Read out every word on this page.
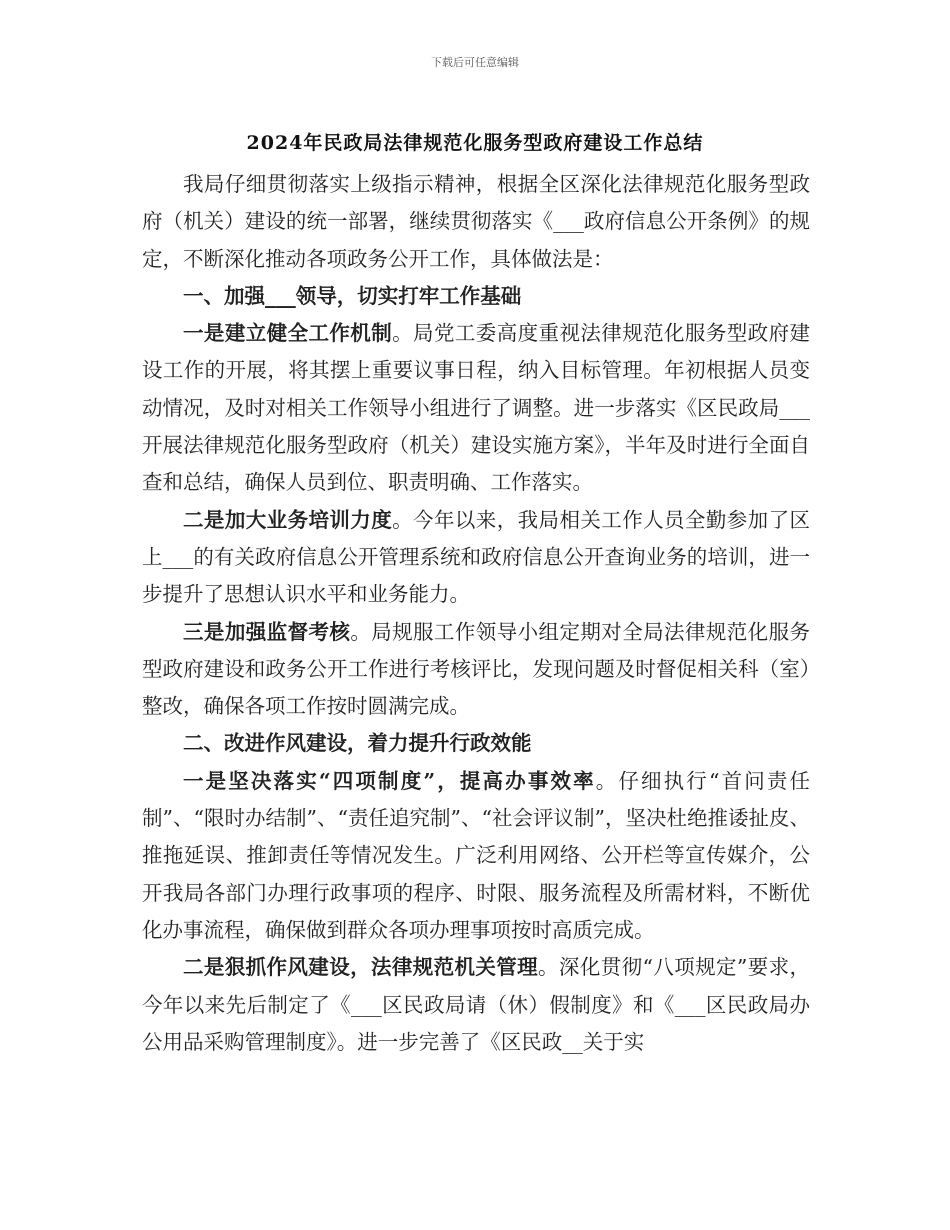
下载后可任意编辑
2024年民政局法律规范化服务型政府建设工作总结

我局仔细贯彻落实上级指示精神，根据全区深化法律规范化服务型政府（机关）建设的统一部署，继续贯彻落实《___政府信息公开条例》的规定，不断深化推动各项政务公开工作，具体做法是：

一、加强___领导，切实打牢工作基础

一是建立健全工作机制。局党工委高度重视法律规范化服务型政府建设工作的开展，将其摆上重要议事日程，纳入目标管理。年初根据人员变动情况，及时对相关工作领导小组进行了调整。进一步落实《区民政局___开展法律规范化服务型政府（机关）建设实施方案》，半年及时进行全面自查和总结，确保人员到位、职责明确、工作落实。

二是加大业务培训力度。今年以来，我局相关工作人员全勤参加了区上___的有关政府信息公开管理系统和政府信息公开查询业务的培训，进一步提升了思想认识水平和业务能力。

三是加强监督考核。局规服工作领导小组定期对全局法律规范化服务型政府建设和政务公开工作进行考核评比，发现问题及时督促相关科（室）整改，确保各项工作按时圆满完成。

二、改进作风建设，着力提升行政效能

一是坚决落实“四项制度”，提高办事效率。仔细执行“首问责任制”、“限时办结制”、“责任追究制”、“社会评议制”，坚决杜绝推诿扯皮、推拖延误、推卸责任等情况发生。广泛利用网络、公开栏等宣传媒介，公开我局各部门办理行政事项的程序、时限、服务流程及所需材料，不断优化办事流程，确保做到群众各项办理事项按时高质完成。

二是狠抓作风建设，法律规范机关管理。深化贯彻“八项规定”要求，今年以来先后制定了《___区民政局请（休）假制度》和《___区民政局办公用品采购管理制度》。进一步完善了《区民政__关于实
